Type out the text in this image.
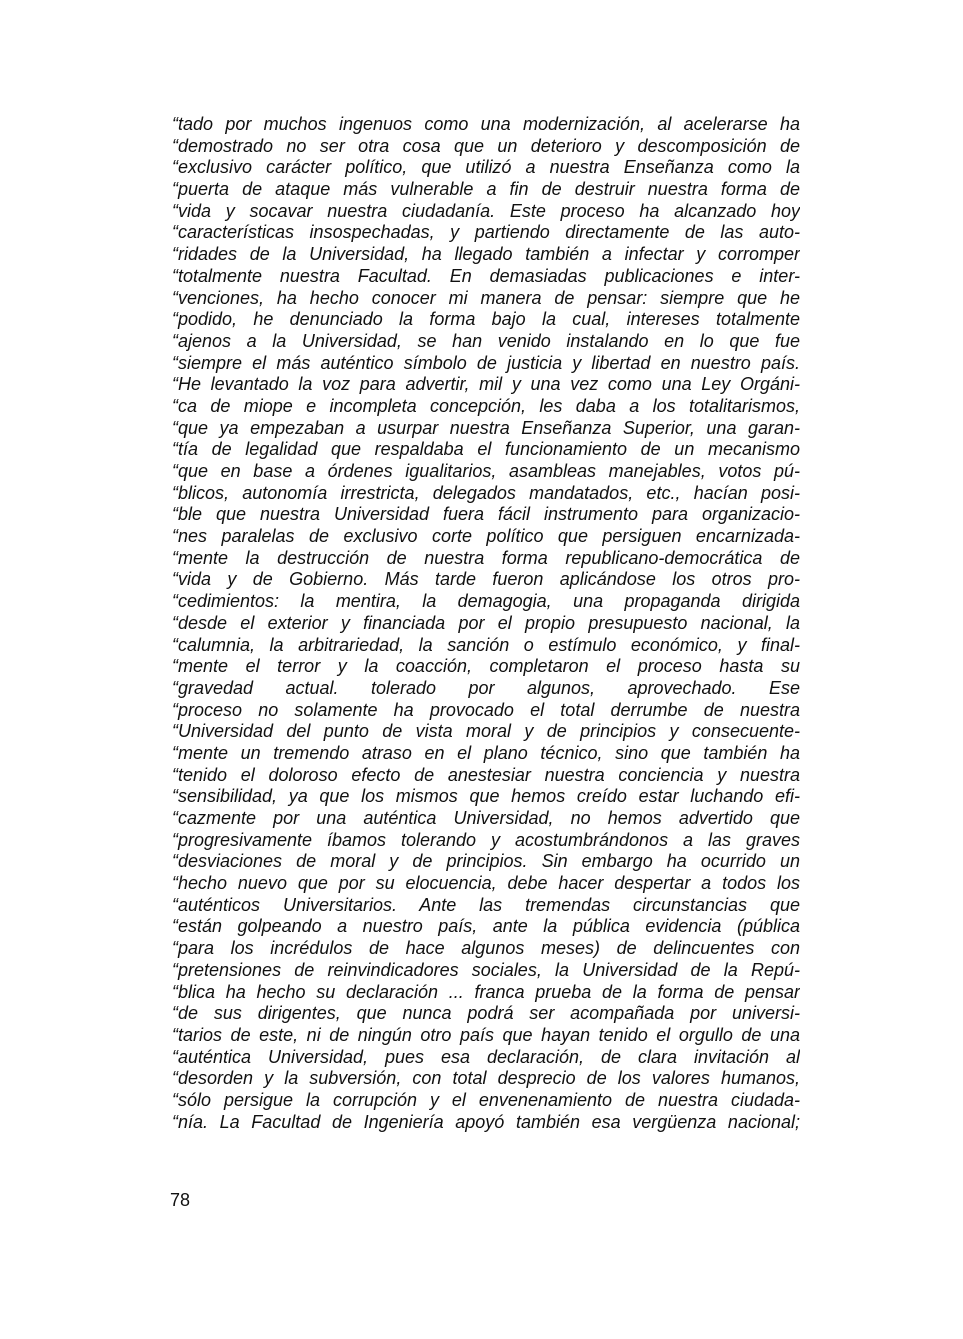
“tado por muchos ingenuos como una modernización, al acelerarse ha
“demostrado no ser otra cosa que un deterioro y descomposición de
“exclusivo carácter político, que utilizó a nuestra Enseñanza como la
“puerta de ataque más vulnerable a fin de destruir nuestra forma de
“vida y socavar nuestra ciudadanía. Este proceso ha alcanzado hoy
“características insospechadas, y partiendo directamente de las auto-
“ridades de la Universidad, ha llegado también a infectar y corromper
“totalmente nuestra Facultad. En demasiadas publicaciones e inter-
“venciones, ha hecho conocer mi manera de pensar: siempre que he
“podido, he denunciado la forma bajo la cual, intereses totalmente
“ajenos a la Universidad, se han venido instalando en lo que fue
“siempre el más auténtico símbolo de justicia y libertad en nuestro país.
“He levantado la voz para advertir, mil y una vez como una Ley Orgáni-
“ca de miope e incompleta concepción, les daba a los totalitarismos,
“que ya empezaban a usurpar nuestra Enseñanza Superior, una garan-
“tía de legalidad que respaldaba el funcionamiento de un mecanismo
“que en base a órdenes igualitarios, asambleas manejables, votos pú-
“blicos, autonomía irrestricta, delegados mandatados, etc., hacían posi-
“ble que nuestra Universidad fuera fácil instrumento para organizacio-
“nes paralelas de exclusivo corte político que persiguen encarnizada-
“mente la destrucción de nuestra forma republicano-democrática de
“vida y de Gobierno. Más tarde fueron aplicándose los otros pro-
“cedimientos: la mentira, la demagogia, una propaganda dirigida
“desde el exterior y financiada por el propio presupuesto nacional, la
“calumnia, la arbitrariedad, la sanción o estímulo económico, y final-
“mente el terror y la coacción, completaron el proceso hasta su
“gravedad actual. tolerado por algunos, aprovechado. Ese
“proceso no solamente ha provocado el total derrumbe de nuestra
“Universidad del punto de vista moral y de principios y consecuente-
“mente un tremendo atraso en el plano técnico, sino que también ha
“tenido el doloroso efecto de anestesiar nuestra conciencia y nuestra
“sensibilidad, ya que los mismos que hemos creído estar luchando efi-
“cazmente por una auténtica Universidad, no hemos advertido que
“progresivamente íbamos tolerando y acostumbrándonos a las graves
“desviaciones de moral y de principios. Sin embargo ha ocurrido un
“hecho nuevo que por su elocuencia, debe hacer despertar a todos los
“auténticos Universitarios. Ante las tremendas circunstancias que
“están golpeando a nuestro país, ante la pública evidencia (pública
“para los incrédulos de hace algunos meses) de delincuentes con
“pretensiones de reinvindicadores sociales, la Universidad de la Repú-
“blica ha hecho su declaración ... franca prueba de la forma de pensar
“de sus dirigentes, que nunca podrá ser acompañada por universi-
“tarios de este, ni de ningún otro país que hayan tenido el orgullo de una
“auténtica Universidad, pues esa declaración, de clara invitación al
“desorden y la subversión, con total desprecio de los valores humanos,
“sólo persigue la corrupción y el envenenamiento de nuestra ciudada-
“nía. La Facultad de Ingeniería apoyó también esa vergüenza nacional;
78
